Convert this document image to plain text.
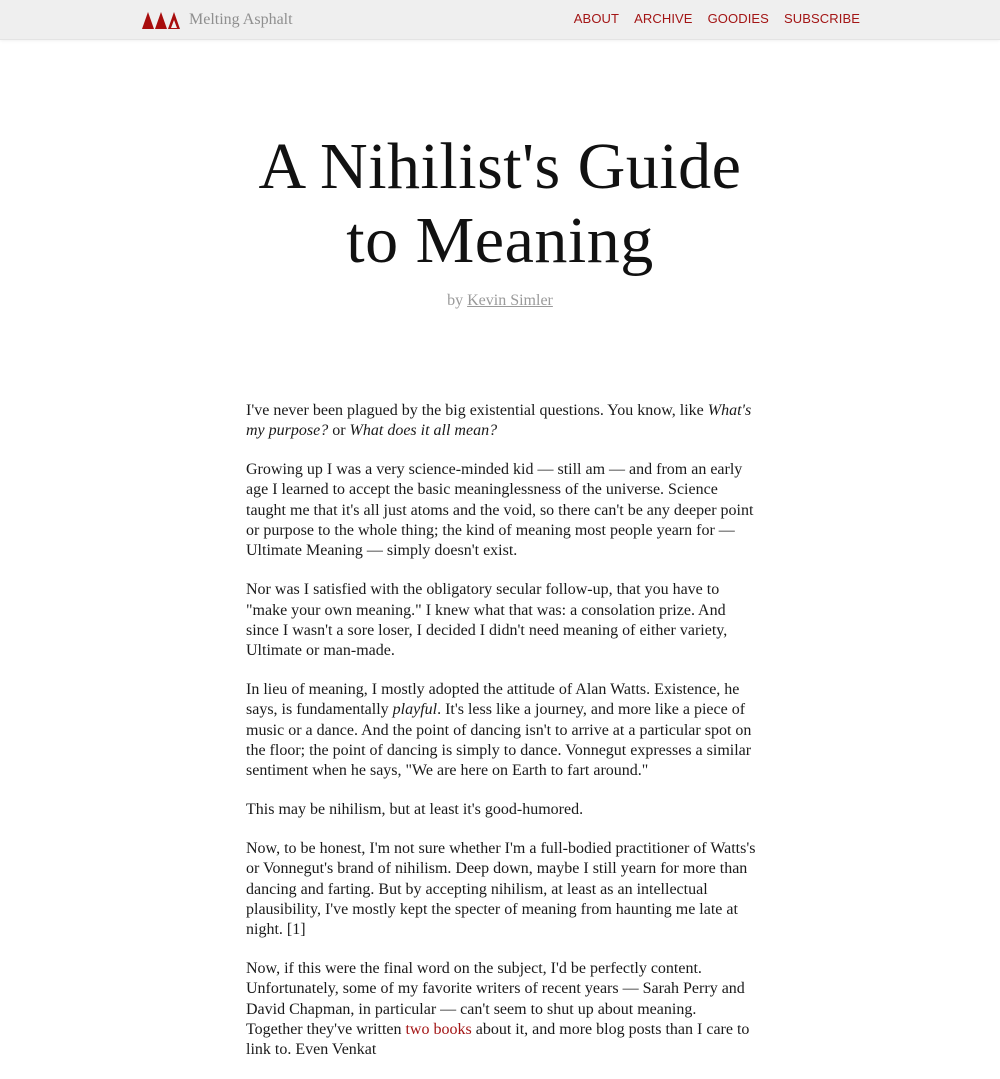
Melting Asphalt	ABOUT ARCHIVE GOODIES SUBSCRIBE
A Nihilist's Guide
to Meaning
by Kevin Simler

I've never been plagued by the big existential questions. You know, like What's my purpose? or What does it all mean?

Growing up I was a very science-minded kid — still am — and from an early age I learned to accept the basic meaninglessness of the universe. Science taught me that it's all just atoms and the void, so there can't be any deeper point or purpose to the whole thing; the kind of meaning most people yearn for — Ultimate Meaning — simply doesn't exist.

Nor was I satisfied with the obligatory secular follow-up, that you have to "make your own meaning." I knew what that was: a consolation prize. And since I wasn't a sore loser, I decided I didn't need meaning of either variety, Ultimate or man-made.

In lieu of meaning, I mostly adopted the attitude of Alan Watts. Existence, he says, is fundamentally playful. It's less like a journey, and more like a piece of music or a dance. And the point of dancing isn't to arrive at a particular spot on the floor; the point of dancing is simply to dance. Vonnegut expresses a similar sentiment when he says, "We are here on Earth to fart around."

This may be nihilism, but at least it's good-humored.

Now, to be honest, I'm not sure whether I'm a full-bodied practitioner of Watts's or Vonnegut's brand of nihilism. Deep down, maybe I still yearn for more than dancing and farting. But by accepting nihilism, at least as an intellectual plausibility, I've mostly kept the specter of meaning from haunting me late at night. [1]

Now, if this were the final word on the subject, I'd be perfectly content. Unfortunately, some of my favorite writers of recent years — Sarah Perry and David Chapman, in particular — can't seem to shut up about meaning. Together they've written two books about it, and more blog posts than I care to link to. Even Venkat
